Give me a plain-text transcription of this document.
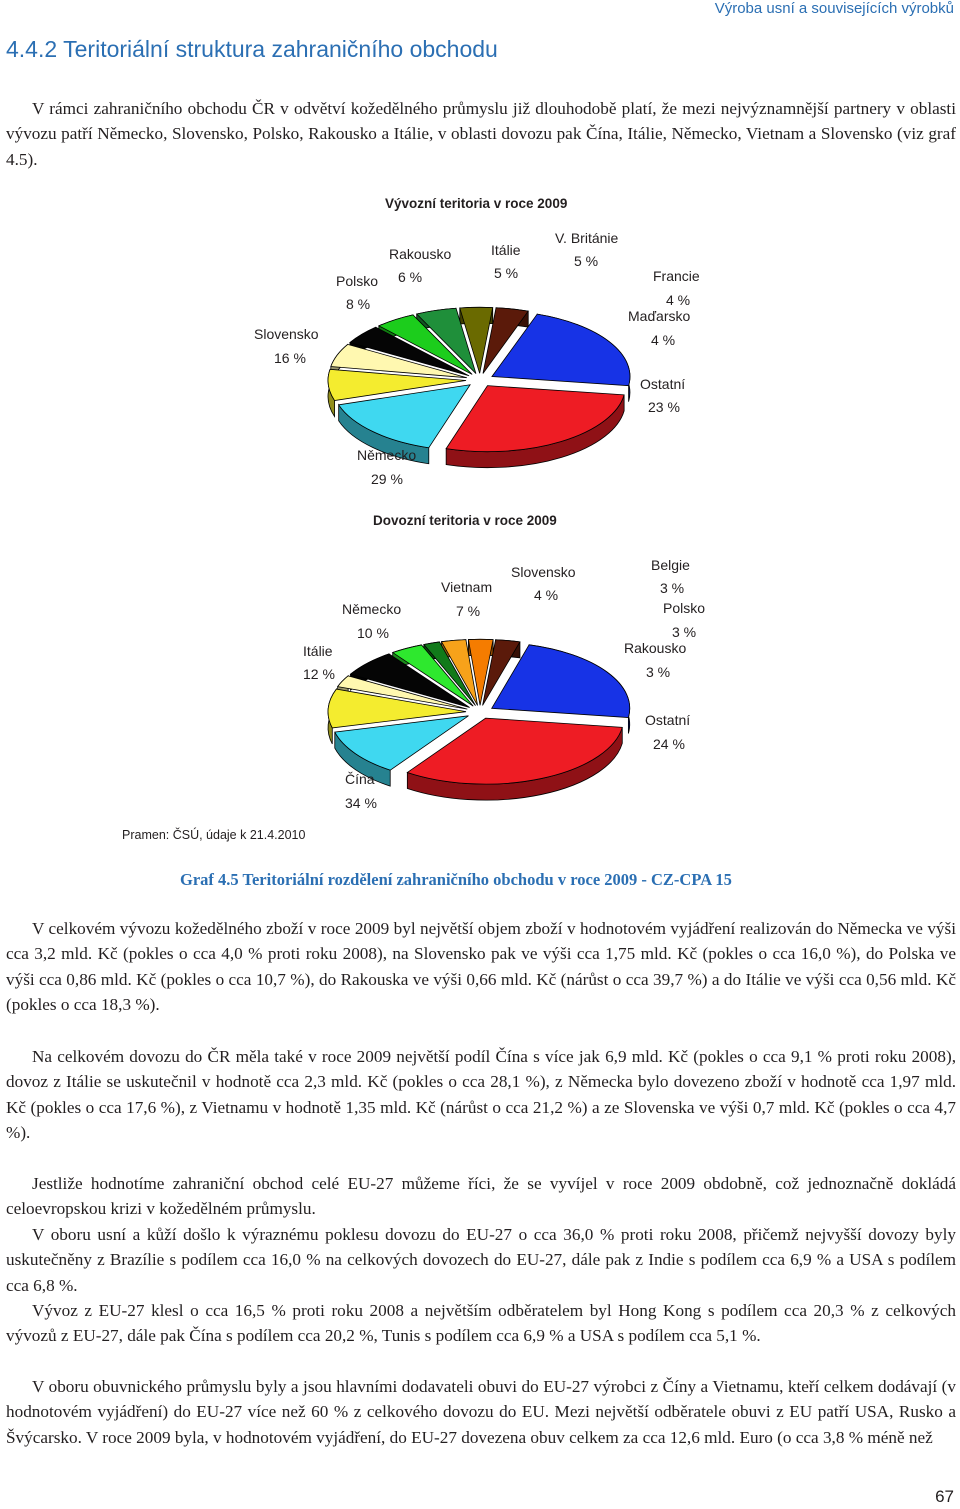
Výroba usní a souvisejících výrobků
4.4.2 Teritoriální struktura zahraničního obchodu

V rámci zahraničního obchodu ČR v odvětví kožedělného průmyslu již dlouhodobě platí, že mezi nejvýznamnější partnery v oblasti vývozu patří Německo, Slovensko, Polsko, Rakousko a Itálie, v oblasti dovozu pak Čína, Itálie, Německo, Vietnam a Slovensko (viz graf 4.5).

Vývozní teritoria v roce 2009
Slovensko
16 %
Polsko
8 %
Rakousko
6 %
Itálie
5 %
V. Británie
5 %
Francie
4 %
Maďarsko
4 %
Ostatní
23 %
Německo
29 %
Dovozní teritoria v roce 2009
Itálie
12 %
Německo
10 %
Vietnam
7 %
Slovensko
4 %
Belgie
3 %
Polsko
3 %
Rakousko
3 %
Ostatní
24 %
Čína
34 %
Pramen: ČSÚ, údaje k 21.4.2010
Graf 4.5 Teritoriální rozdělení zahraničního obchodu v roce 2009 - CZ-CPA 15

V celkovém vývozu kožedělného zboží v roce 2009 byl největší objem zboží v hodnotovém vyjádření realizován do Německa ve výši cca 3,2 mld. Kč (pokles o cca 4,0 % proti roku 2008), na Slovensko pak ve výši cca 1,75 mld. Kč (pokles o cca 16,0 %), do Polska ve výši cca 0,86 mld. Kč (pokles o cca 10,7 %), do Rakouska ve výši 0,66 mld. Kč (nárůst o cca 39,7 %) a do Itálie ve výši cca 0,56 mld. Kč (pokles o cca 18,3 %).

Na celkovém dovozu do ČR měla také v roce 2009 největší podíl Čína s více jak 6,9 mld. Kč (pokles o cca 9,1 % proti roku 2008), dovoz z Itálie se uskutečnil v hodnotě cca 2,3 mld. Kč (pokles o cca 28,1 %), z Německa bylo dovezeno zboží v hodnotě cca 1,97 mld. Kč (pokles o cca 17,6 %), z Vietnamu v hodnotě 1,35 mld. Kč (nárůst o cca 21,2 %) a ze Slovenska ve výši 0,7 mld. Kč (pokles o cca 4,7 %).

Jestliže hodnotíme zahraniční obchod celé EU-27 můžeme říci, že se vyvíjel v roce 2009 obdobně, což jednoznačně dokládá celoevropskou krizi v kožedělném průmyslu.

V oboru usní a kůží došlo k výraznému poklesu dovozu do EU-27 o cca 36,0 % proti roku 2008, přičemž nejvyšší dovozy byly uskutečněny z Brazílie s podílem cca 16,0 % na celkových dovozech do EU-27, dále pak z Indie s podílem cca 6,9 % a USA s podílem cca 6,8 %.

Vývoz z EU-27 klesl o cca 16,5 % proti roku 2008 a největším odběratelem byl Hong Kong s podílem cca 20,3 % z celkových vývozů z EU-27, dále pak Čína s podílem cca 20,2 %, Tunis s podílem cca 6,9 % a USA s podílem cca 5,1 %.

V oboru obuvnického průmyslu byly a jsou hlavními dodavateli obuvi do EU-27 výrobci z Číny a Vietnamu, kteří celkem dodávají (v hodnotovém vyjádření) do EU-27 více než 60 % z celkového dovozu do EU. Mezi největší odběratele obuvi z EU patří USA, Rusko a Švýcarsko. V roce 2009 byla, v hodnotovém vyjádření, do EU-27 dovezena obuv celkem za cca 12,6 mld. Euro (o cca 3,8 % méně než

67
